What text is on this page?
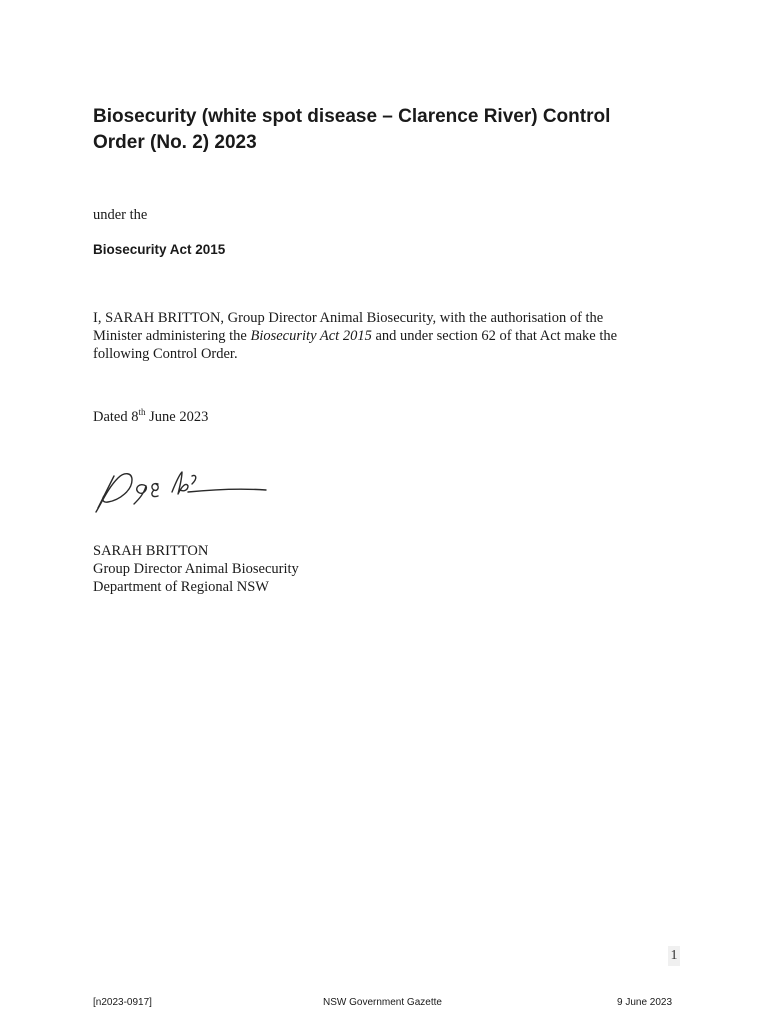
Biosecurity (white spot disease – Clarence River) Control
Order (No. 2) 2023
under the
Biosecurity Act 2015
I, SARAH BRITTON, Group Director Animal Biosecurity, with the authorisation of the
Minister administering the Biosecurity Act 2015 and under section 62 of that Act make the
following Control Order.
Dated 8th June 2023
SARAH BRITTON
Group Director Animal Biosecurity
Department of Regional NSW
1
[n2023-0917]	NSW Government Gazette	9 June 2023
